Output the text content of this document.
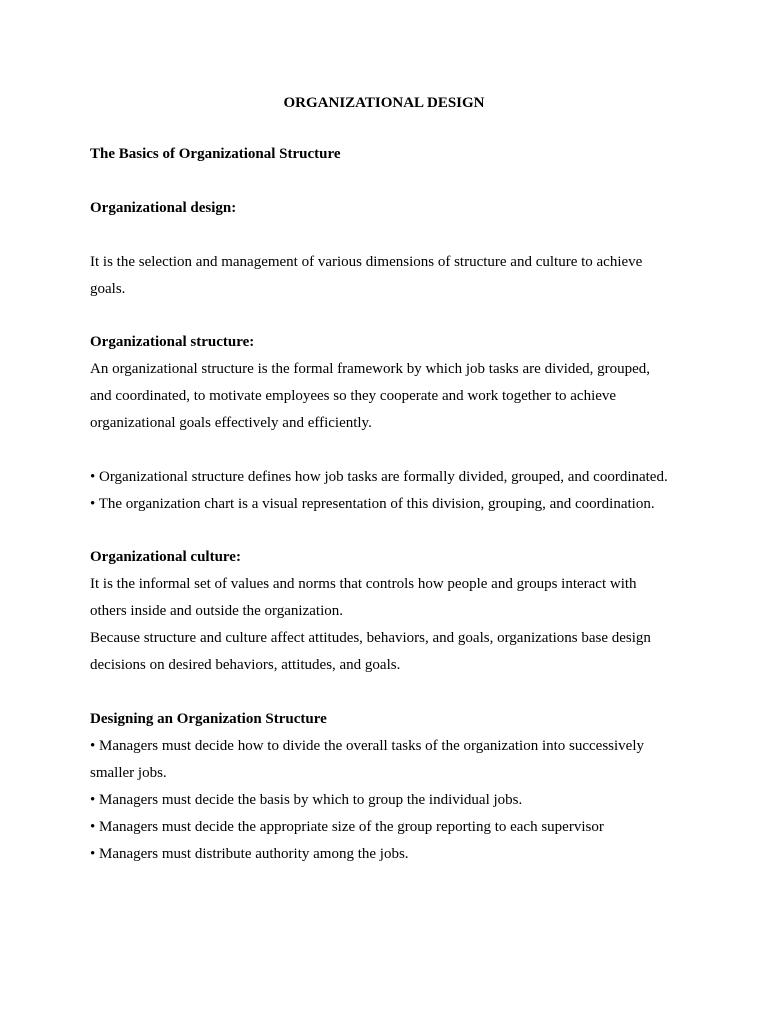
ORGANIZATIONAL DESIGN

The Basics of Organizational Structure

Organizational design:

It is the selection and management of various dimensions of structure and culture to achieve

goals.

Organizational structure:

An organizational structure is the formal framework by which job tasks are divided, grouped,

and coordinated, to motivate employees so they cooperate and work together to achieve

organizational goals effectively and efficiently.

• Organizational structure defines how job tasks are formally divided, grouped, and coordinated.

• The organization chart is a visual representation of this division, grouping, and coordination.

Organizational culture:

It is the informal set of values and norms that controls how people and groups interact with

others inside and outside the organization.

Because structure and culture affect attitudes, behaviors, and goals, organizations base design

decisions on desired behaviors, attitudes, and goals.

Designing an Organization Structure

• Managers must decide how to divide the overall tasks of the organization into successively

smaller jobs.

• Managers must decide the basis by which to group the individual jobs.

• Managers must decide the appropriate size of the group reporting to each supervisor

• Managers must distribute authority among the jobs.
